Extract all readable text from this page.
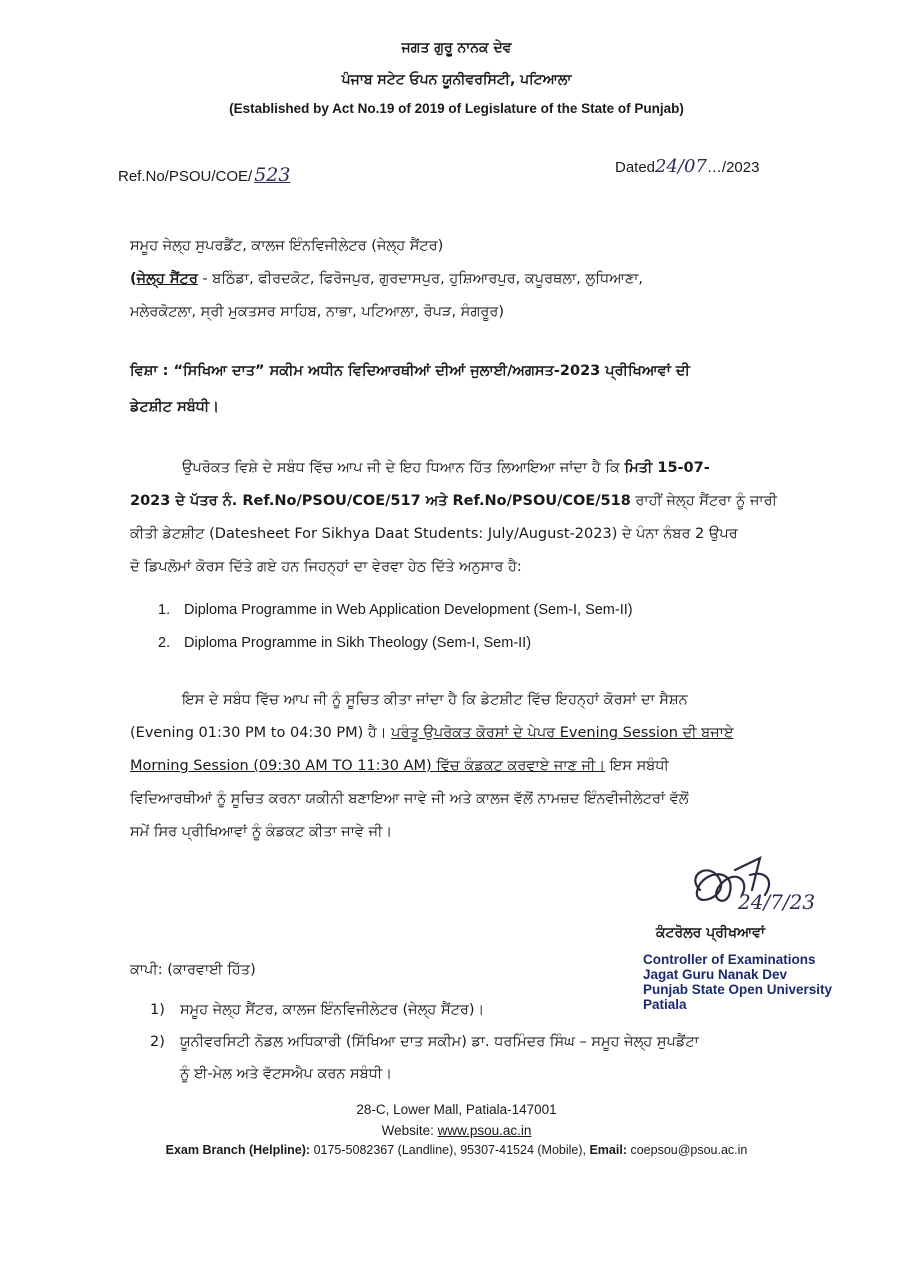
ਜਗਤ ਗੁਰੂ ਨਾਨਕ ਦੇਵ
ਪੰਜਾਬ ਸਟੇਟ ਓਪਨ ਯੂਨੀਵਰਸਿਟੀ, ਪਟਿਆਲਾ
(Established by Act No.19 of 2019 of Legislature of the State of Punjab)
Ref.No/PSOU/COE/ 523	Dated24/07…/2023
ਸਮੂਹ ਜੇਲ੍ਹ ਸੁਪਰਡੈਂਟ, ਕਾਲਜ ਇੰਨਵਿਜੀਲੇਟਰ (ਜੇਲ੍ਹ ਸੈਂਟਰ)
(ਜੇਲ੍ਹ ਸੈਂਟਰ - ਬਠਿੰਡਾ, ਫੀਰਦਕੋਟ, ਫਿਰੋਜਪੁਰ, ਗੁਰਦਾਸਪੁਰ, ਹੁਸ਼ਿਆਰਪੁਰ, ਕਪੂਰਥਲਾ, ਲੁਧਿਆਣਾ,
ਮਲੇਰਕੋਟਲਾ, ਸ੍ਰੀ ਮੁਕਤਸਰ ਸਾਹਿਬ, ਨਾਭਾ, ਪਟਿਆਲਾ, ਰੋਪੜ, ਸੰਗਰੂਰ)
ਵਿਸ਼ਾ : “ਸਿਖਿਆ ਦਾਤ” ਸਕੀਮ ਅਧੀਨ ਵਿਦਿਆਰਥੀਆਂ ਦੀਆਂ ਜੁਲਾਈ/ਅਗਸਤ-2023 ਪ੍ਰੀਖਿਆਵਾਂ ਦੀ
ਡੇਟਸ਼ੀਟ ਸਬੰਧੀ।
ਉਪਰੋਕਤ ਵਿਸ਼ੇ ਦੇ ਸਬੰਧ ਵਿੱਚ ਆਪ ਜੀ ਦੇ ਇਹ ਧਿਆਨ ਹਿੱਤ ਲਿਆਇਆ ਜਾਂਦਾ ਹੈ ਕਿ ਮਿਤੀ 15-07-
2023 ਦੇ ਪੱਤਰ ਨੰ. Ref.No/PSOU/COE/517 ਅਤੇ Ref.No/PSOU/COE/518 ਰਾਹੀਂ ਜੇਲ੍ਹ ਸੈਂਟਰਾ ਨੂੰ ਜਾਰੀ
ਕੀਤੀ ਡੇਟਸ਼ੀਟ (Datesheet For Sikhya Daat Students: July/August-2023) ਦੇ ਪੰਨਾ ਨੰਬਰ 2 ਉਪਰ
ਦੋ ਡਿਪਲੋਮਾਂ ਕੋਰਸ ਦਿੱਤੇ ਗਏ ਹਨ ਜਿਹਨ੍ਹਾਂ ਦਾ ਵੇਰਵਾ ਹੇਠ ਦਿੱਤੇ ਅਨੁਸਾਰ ਹੈ:
1. Diploma Programme in Web Application Development (Sem-I, Sem-II)
2. Diploma Programme in Sikh Theology (Sem-I, Sem-II)
ਇਸ ਦੇ ਸਬੰਧ ਵਿੱਚ ਆਪ ਜੀ ਨੂੰ ਸੂਚਿਤ ਕੀਤਾ ਜਾਂਦਾ ਹੈ ਕਿ ਡੇਟਸ਼ੀਟ ਵਿੱਚ ਇਹਨ੍ਹਾਂ ਕੋਰਸਾਂ ਦਾ ਸੈਸ਼ਨ
(Evening 01:30 PM to 04:30 PM) ਹੈ। ਪਰੰਤੂ ਉਪਰੋਕਤ ਕੋਰਸਾਂ ਦੇ ਪੇਪਰ Evening Session ਦੀ ਬਜਾਏ
Morning Session (09:30 AM TO 11:30 AM) ਵਿੱਚ ਕੰਡਕਟ ਕਰਵਾਏ ਜਾਣ ਜੀ। ਇਸ ਸਬੰਧੀ
ਵਿਦਿਆਰਥੀਆਂ ਨੂੰ ਸੂਚਿਤ ਕਰਨਾ ਯਕੀਨੀ ਬਣਾਇਆ ਜਾਵੇ ਜੀ ਅਤੇ ਕਾਲਜ ਵੱਲੋਂ ਨਾਮਜ਼ਦ ਇੰਨਵੀਜੀਲੇਟਰਾਂ ਵੱਲੋਂ
ਸਮੇਂ ਸਿਰ ਪ੍ਰੀਖਿਆਵਾਂ ਨੂੰ ਕੰਡਕਟ ਕੀਤਾ ਜਾਵੇ ਜੀ।
24/7/23
ਕੰਟਰੋਲਰ ਪ੍ਰੀਖਆਵਾਂ
Controller of Examinations
Jagat Guru Nanak Dev
Punjab State Open University
Patiala
ਕਾਪੀ: (ਕਾਰਵਾਈ ਹਿੱਤ)
1) ਸਮੂਹ ਜੇਲ੍ਹ ਸੈਂਟਰ, ਕਾਲਜ ਇੰਨਵਿਜੀਲੇਟਰ (ਜੇਲ੍ਹ ਸੈਂਟਰ)।
2) ਯੂਨੀਵਰਸਿਟੀ ਨੋਡਲ ਅਧਿਕਾਰੀ (ਸਿੱਖਿਆ ਦਾਤ ਸਕੀਮ) ਡਾ. ਧਰਮਿੰਦਰ ਸਿੰਘ – ਸਮੂਹ ਜੇਲ੍ਹ ਸੁਪਡੈਂਟਾ
ਨੂੰ ਈ-ਮੇਲ ਅਤੇ ਵੱਟਸਐਪ ਕਰਨ ਸਬੰਧੀ।
28-C, Lower Mall, Patiala-147001
Website: www.psou.ac.in
Exam Branch (Helpline): 0175-5082367 (Landline), 95307-41524 (Mobile), Email: coepsou@psou.ac.in
